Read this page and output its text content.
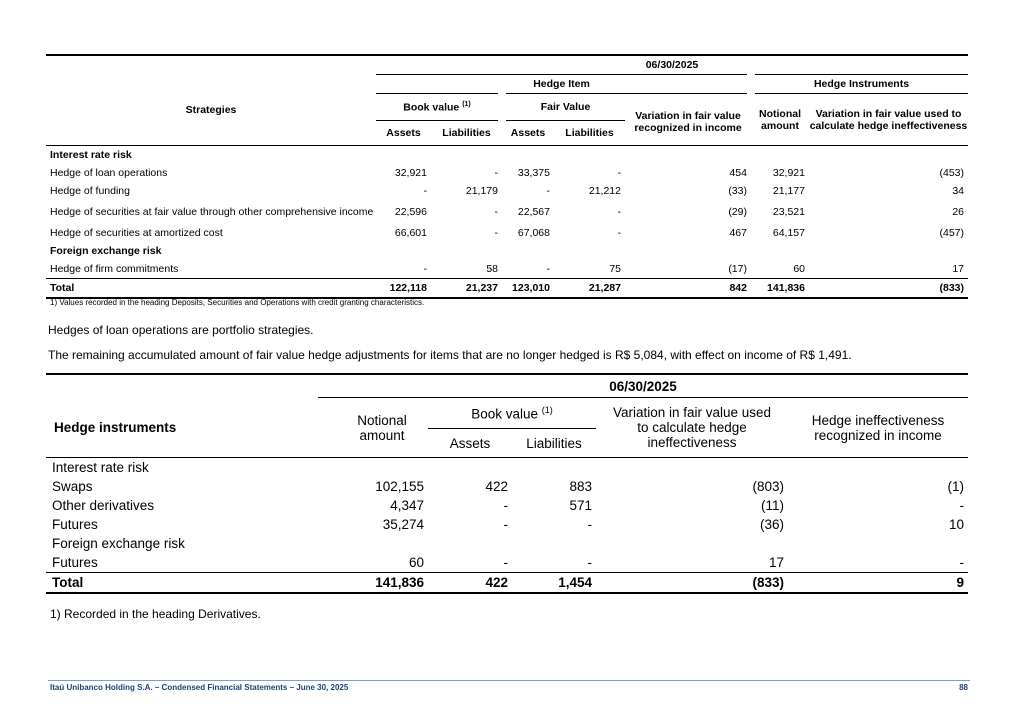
	06/30/2025						
Strategies	Hedge Item					Hedge Instruments	
	Book value $^{(1)}$		Fair Value		Variation in fair value recognized in income	Notional amount	Variation in fair value used to calculate hedge ineffectiveness
	Assets	Liabilities	Assets	Liabilities			
Interest rate risk							
Hedge of loan operations	32,921	-	33,375	-	454	32,921	(453)
Hedge of funding	-	21,179	-	21,212	(33)	21,177	34
Hedge of securities at fair value through other comprehensive income	22,596	-	22,567	-	(29)	23,521	26
Hedge of securities at amortized cost	66,601	-	67,068	-	467	64,157	(457)
Foreign exchange risk							
Hedge of firm commitments	-	58	-	75	(17)	60	17
Total	122,118	21,237	123,010	21,287	842	141,836	(833)
1) Values recorded in the heading Deposits, Securities and Operations with credit granting characteristics.
Hedges of loan operations are portfolio strategies.
The remaining accumulated amount of fair value hedge adjustments for items that are no longer hedged is R$ 5,084, with effect on income of R$ 1,491.
	06/30/2025				
Hedge instruments	Notional amount	Book value $^{(1)}$		Variation in fair value used to calculate hedge ineffectiveness	Hedge ineffectiveness recognized in income
		Assets	Liabilities		
Interest rate risk					
Swaps	102,155	422	883	(803)	(1)
Other derivatives	4,347	-	571	(11)	-
Futures	35,274	-	-	(36)	10
Foreign exchange risk					
Futures	60	-	-	17	-
Total	141,836	422	1,454	(833)	9
1) Recorded in the heading Derivatives.
Itaú Unibanco Holding S.A. – Condensed Financial Statements – June 30, 2025	88
